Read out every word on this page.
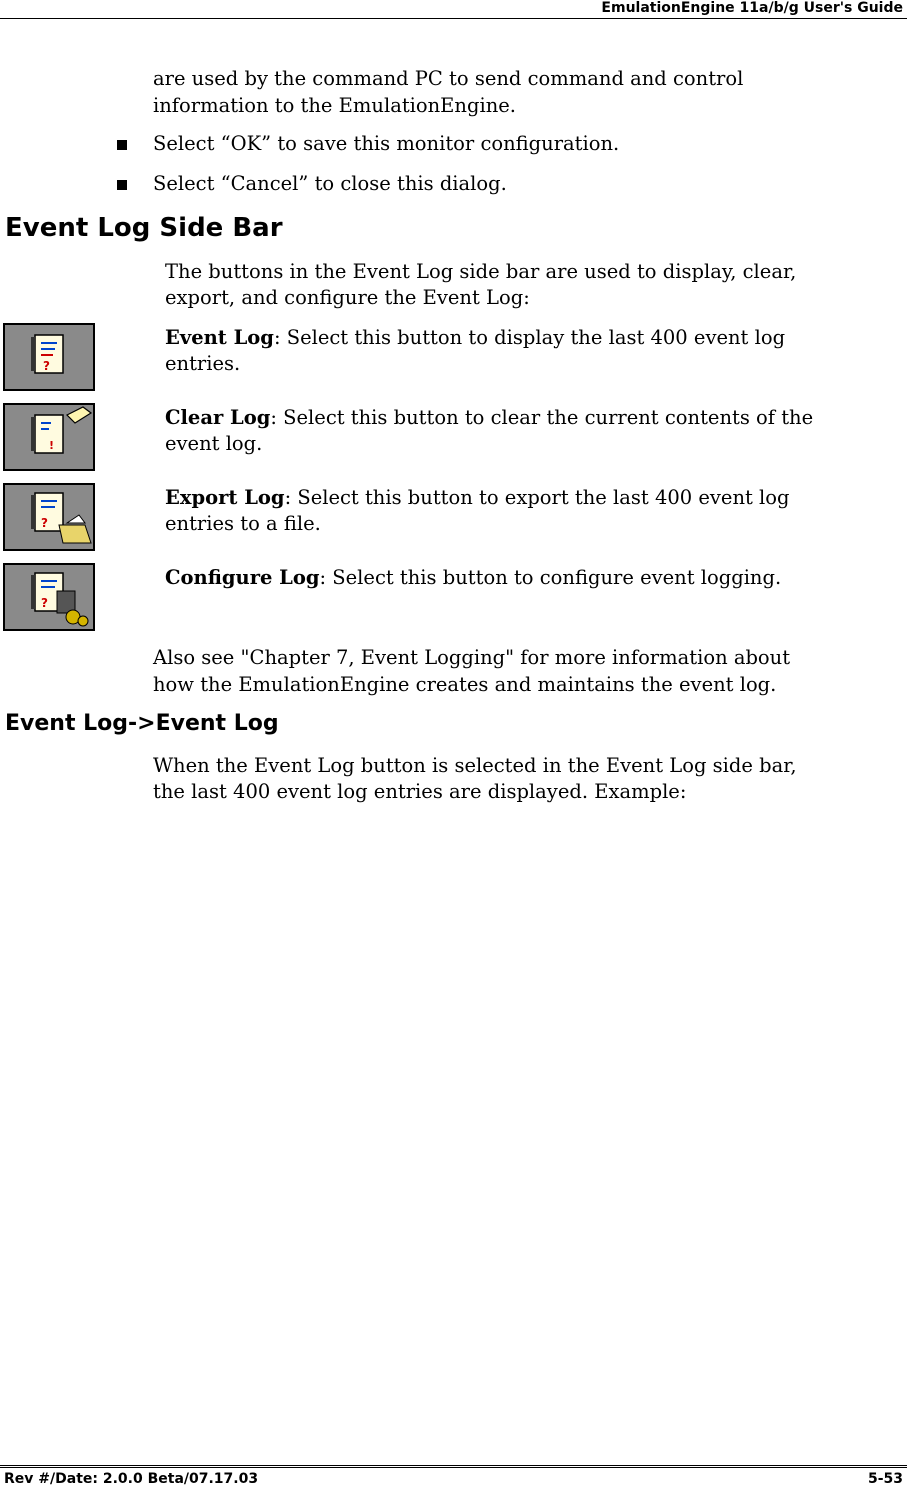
EmulationEngine 11a/b/g User's Guide

are used by the command PC to send command and control

information to the EmulationEngine.

Select “OK” to save this monitor configuration.

Select “Cancel” to close this dialog.

Event Log Side Bar

The buttons in the Event Log side bar are used to display, clear,

export, and configure the Event Log:

?

Event Log: Select this button to display the last 400 event log

entries.

!

Clear Log: Select this button to clear the current contents of the

event log.

?

Export Log: Select this button to export the last 400 event log

entries to a file.

?

Configure Log: Select this button to configure event logging.

Also see "Chapter 7, Event Logging" for more information about

how the EmulationEngine creates and maintains the event log.

Event Log->Event Log

When the Event Log button is selected in the Event Log side bar,

the last 400 event log entries are displayed. Example:

Rev #/Date: 2.0.0 Beta/07.17.03	5-53
